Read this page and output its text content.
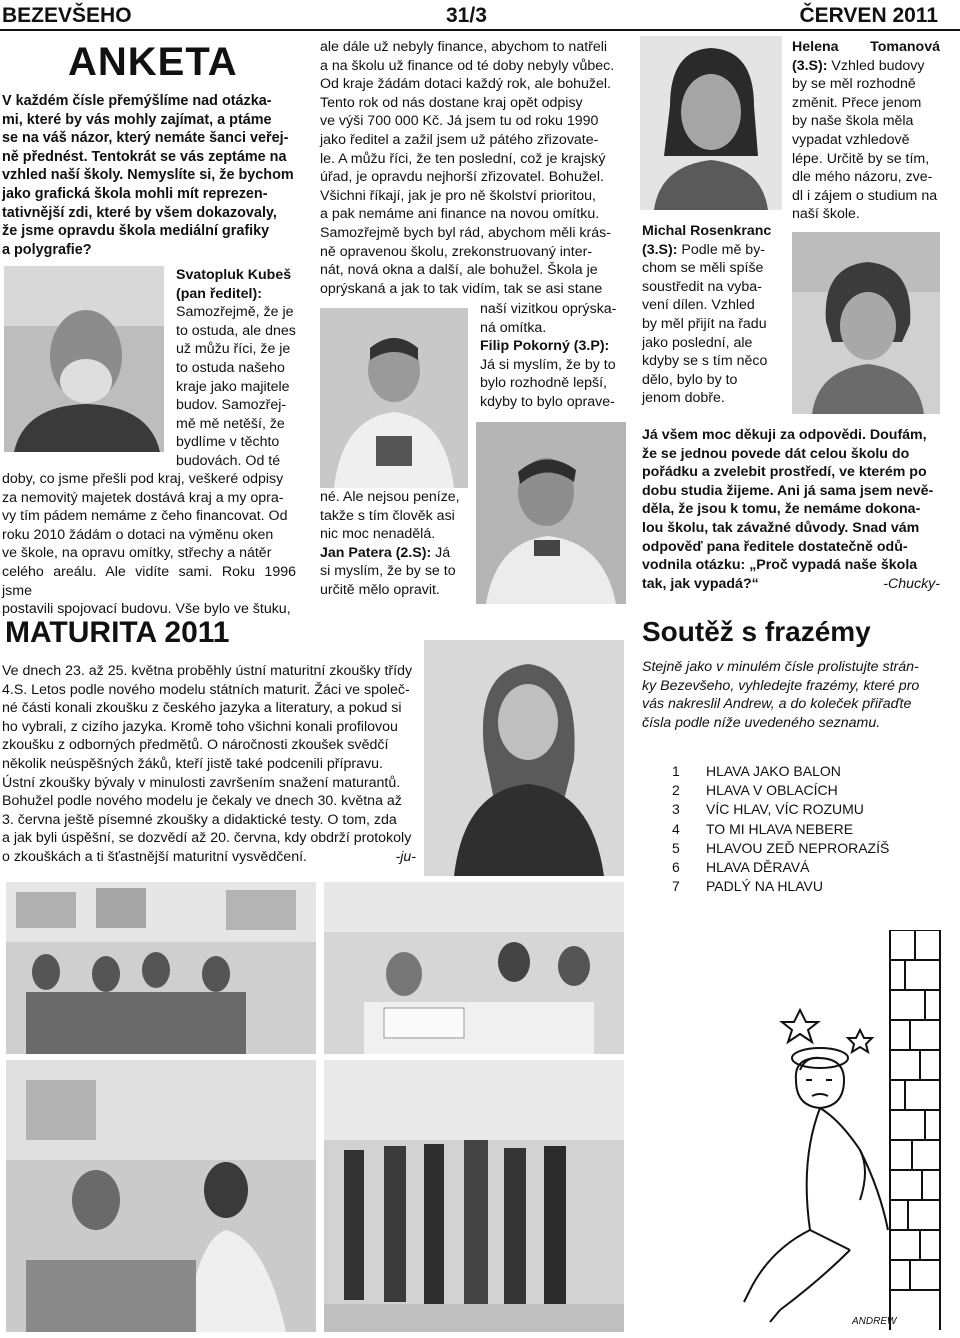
BEZEVŠEHO	31/3	ČERVEN 2011
ANKETA
V každém čísle přemýšlíme nad otázka-
mi, které by vás mohly zajímat, a ptáme
se na váš názor, který nemáte šanci veřej-
ně přednést. Tentokrát se vás zeptáme na
vzhled naší školy. Nemyslíte si, že bychom
jako grafická škola mohli mít reprezen-
tativnější zdi, které by všem dokazovaly,
že jsme opravdu škola mediální grafiky
a polygrafie?
Svatopluk Kubeš
(pan ředitel):
Samozřejmě, že je
to ostuda, ale dnes
už můžu říci, že je
to ostuda našeho
kraje jako majitele
budov. Samozřej-
mě mě netěší, že
bydlíme v těchto
budovách. Od té
doby, co jsme přešli pod kraj, veškeré odpisy
za nemovitý majetek dostává kraj a my opra-
vy tím pádem nemáme z čeho financovat. Od
roku 2010 žádám o dotaci na výměnu oken
ve škole, na opravu omítky, střechy a nátěr
celého areálu. Ale vidíte sami. Roku 1996 jsme
postavili spojovací budovu. Vše bylo ve štuku,
ale dále už nebyly finance, abychom to natřeli
a na školu už finance od té doby nebyly vůbec.
Od kraje žádám dotaci každý rok, ale bohužel.
Tento rok od nás dostane kraj opět odpisy
ve výši 700 000 Kč. Já jsem tu od roku 1990
jako ředitel a zažil jsem už pátého zřizovate-
le. A můžu říci, že ten poslední, což je krajský
úřad, je opravdu nejhorší zřizovatel. Bohužel.
Všichni říkají, jak je pro ně školství prioritou,
a pak nemáme ani finance na novou omítku.
Samozřejmě bych byl rád, abychom měli krás-
ně opravenou školu, zrekonstruovaný inter-
nát, nová okna a další, ale bohužel. Škola je
oprýskaná a jak to tak vidím, tak se asi stane
naší vizitkou oprýska-
ná omítka.
Filip Pokorný (3.P):
Já si myslím, že by to
bylo rozhodně lepší,
kdyby to bylo oprave-
né. Ale nejsou peníze,
takže s tím člověk asi
nic moc nenadělá.
Jan Patera (2.S): Já
si myslím, že by se to
určitě mělo opravit.
Michal Rosenkranc
(3.S): Podle mě by-
chom se měli spíše
soustředit na vyba-
vení dílen. Vzhled
by měl přijít na řadu
jako poslední, ale
kdyby se s tím něco
dělo, bylo by to
jenom dobře.
Helena Tomanová
(3.S): Vzhled budovy
by se měl rozhodně
změnit. Přece jenom
by naše škola měla
vypadat vzhledově
lépe. Určitě by se tím,
dle mého názoru, zve-
dl i zájem o studium na
naší škole.
Já všem moc děkuji za odpovědi. Doufám,
že se jednou povede dát celou školu do
pořádku a zvelebit prostředí, ve kterém po
dobu studia žijeme. Ani já sama jsem nevě-
děla, že jsou k tomu, že nemáme dokona-
lou školu, tak závažné důvody. Snad vám
odpověď pana ředitele dostatečně odů-
vodnila otázku: „Proč vypadá naše škola
tak, jak vypadá?“	-Chucky-
MATURITA 2011
Ve dnech 23. až 25. května proběhly ústní maturitní zkoušky třídy
4.S. Letos podle nového modelu státních maturit. Žáci ve společ-
né části konali zkoušku z českého jazyka a literatury, a pokud si
ho vybrali, z cizího jazyka. Kromě toho všichni konali profilovou
zkoušku z odborných předmětů. O náročnosti zkoušek svědčí
několik neúspěšných žáků, kteří jistě také podcenili přípravu.
Ústní zkoušky bývaly v minulosti završením snažení maturantů.
Bohužel podle nového modelu je čekaly ve dnech 30. května až
3. června ještě písemné zkoušky a didaktické testy. O tom, zda
a jak byli úspěšní, se dozvědí až 20. června, kdy obdrží protokoly
o zkouškách a ti šťastnější maturitní vysvědčení.	-ju-
Soutěž s frazémy
Stejně jako v minulém čísle prolistujte strán-
ky Bezevšeho, vyhledejte frazémy, které pro
vás nakreslil Andrew, a do koleček přiřaďte
čísla podle níže uvedeného seznamu.
1 HLAVA JAKO BALON
2 HLAVA V OBLACÍCH
3 VÍC HLAV, VÍC ROZUMU
4 TO MI HLAVA NEBERE
5 HLAVOU ZEĎ NEPRORAZÍŠ
6 HLAVA DĚRAVÁ
7 PADLÝ NA HLAVU
ANDREW
